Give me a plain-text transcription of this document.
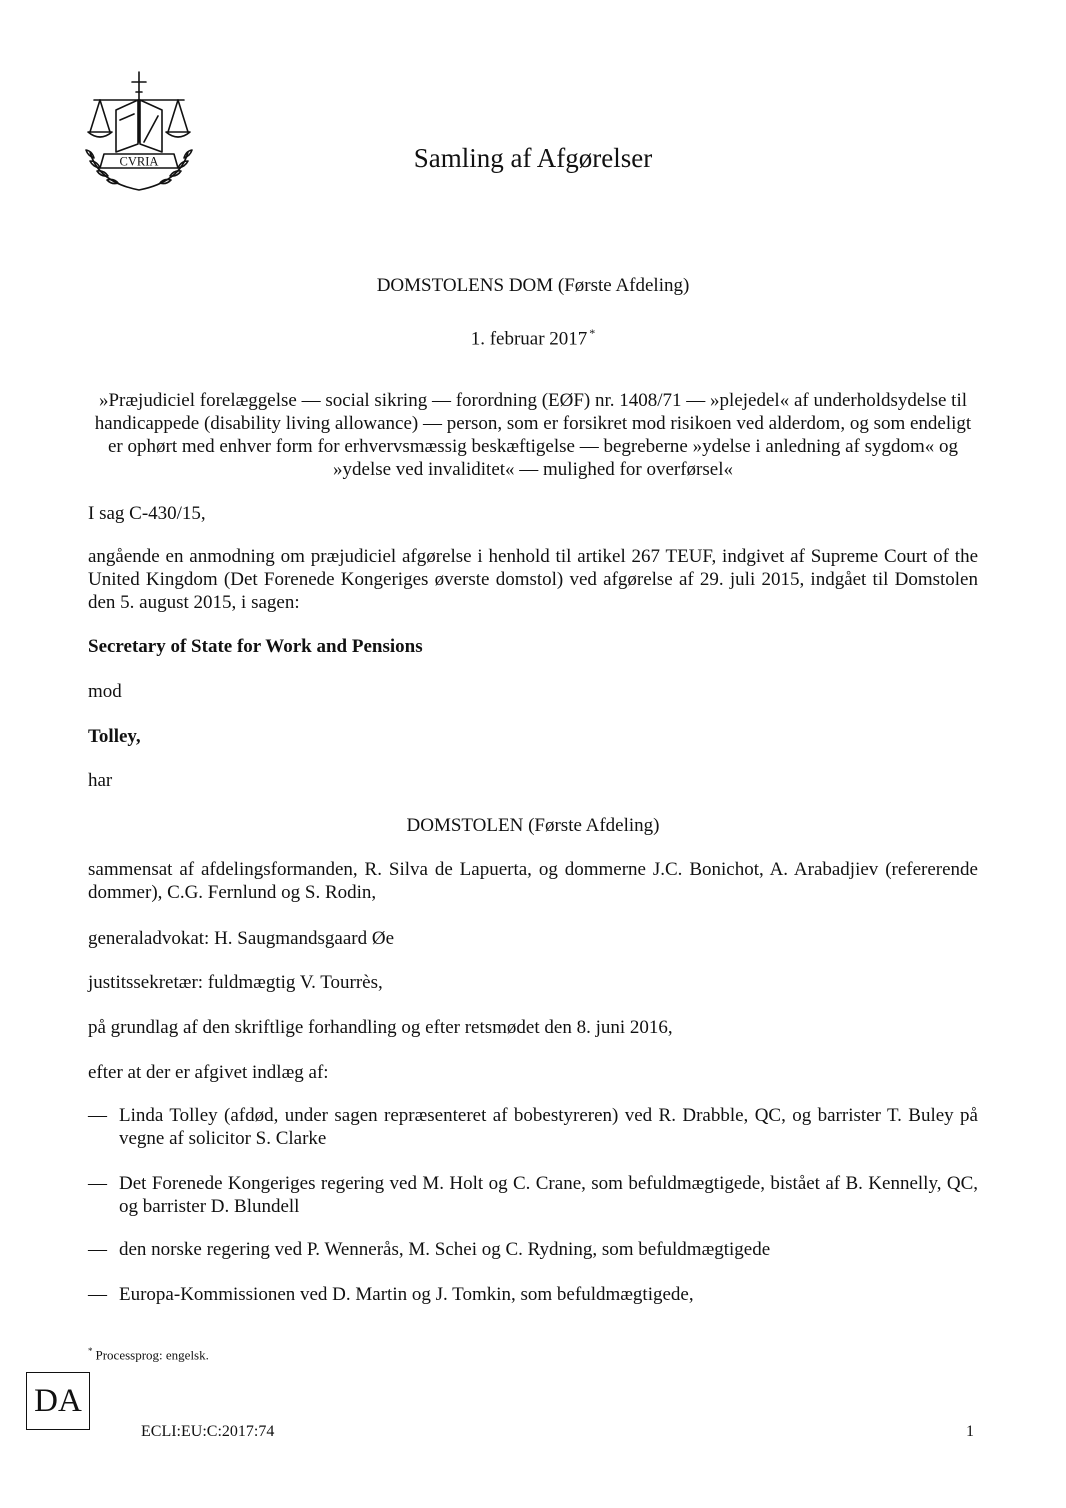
CVRIA	Samling af Afgørelser
DOMSTOLENS DOM (Første Afdeling)
1. februar 2017 *
»Præjudiciel forelæggelse — social sikring — forordning (EØF) nr. 1408/71 — »plejedel« af underholdsydelse til handicappede (disability living allowance) — person, som er forsikret mod risikoen ved alderdom, og som endeligt er ophørt med enhver form for erhvervsmæssig beskæftigelse — begreberne »ydelse i anledning af sygdom« og »ydelse ved invaliditet« — mulighed for overførsel«
I sag C-430/15,
angående en anmodning om præjudiciel afgørelse i henhold til artikel 267 TEUF, indgivet af Supreme Court of the United Kingdom (Det Forenede Kongeriges øverste domstol) ved afgørelse af 29. juli 2015, indgået til Domstolen den 5. august 2015, i sagen:
Secretary of State for Work and Pensions
mod
Tolley,
har
DOMSTOLEN (Første Afdeling)
sammensat af afdelingsformanden, R. Silva de Lapuerta, og dommerne J.C. Bonichot, A. Arabadjiev (refererende dommer), C.G. Fernlund og S. Rodin,
generaladvokat: H. Saugmandsgaard Øe
justitssekretær: fuldmægtig V. Tourrès,
på grundlag af den skriftlige forhandling og efter retsmødet den 8. juni 2016,
efter at der er afgivet indlæg af:
— Linda Tolley (afdød, under sagen repræsenteret af bobestyreren) ved R. Drabble, QC, og barrister T. Buley på vegne af solicitor S. Clarke
— Det Forenede Kongeriges regering ved M. Holt og C. Crane, som befuldmægtigede, bistået af B. Kennelly, QC, og barrister D. Blundell
— den norske regering ved P. Wennerås, M. Schei og C. Rydning, som befuldmægtigede
— Europa-Kommissionen ved D. Martin og J. Tomkin, som befuldmægtigede,
* Processprog: engelsk.
DA
ECLI:EU:C:2017:74	1
